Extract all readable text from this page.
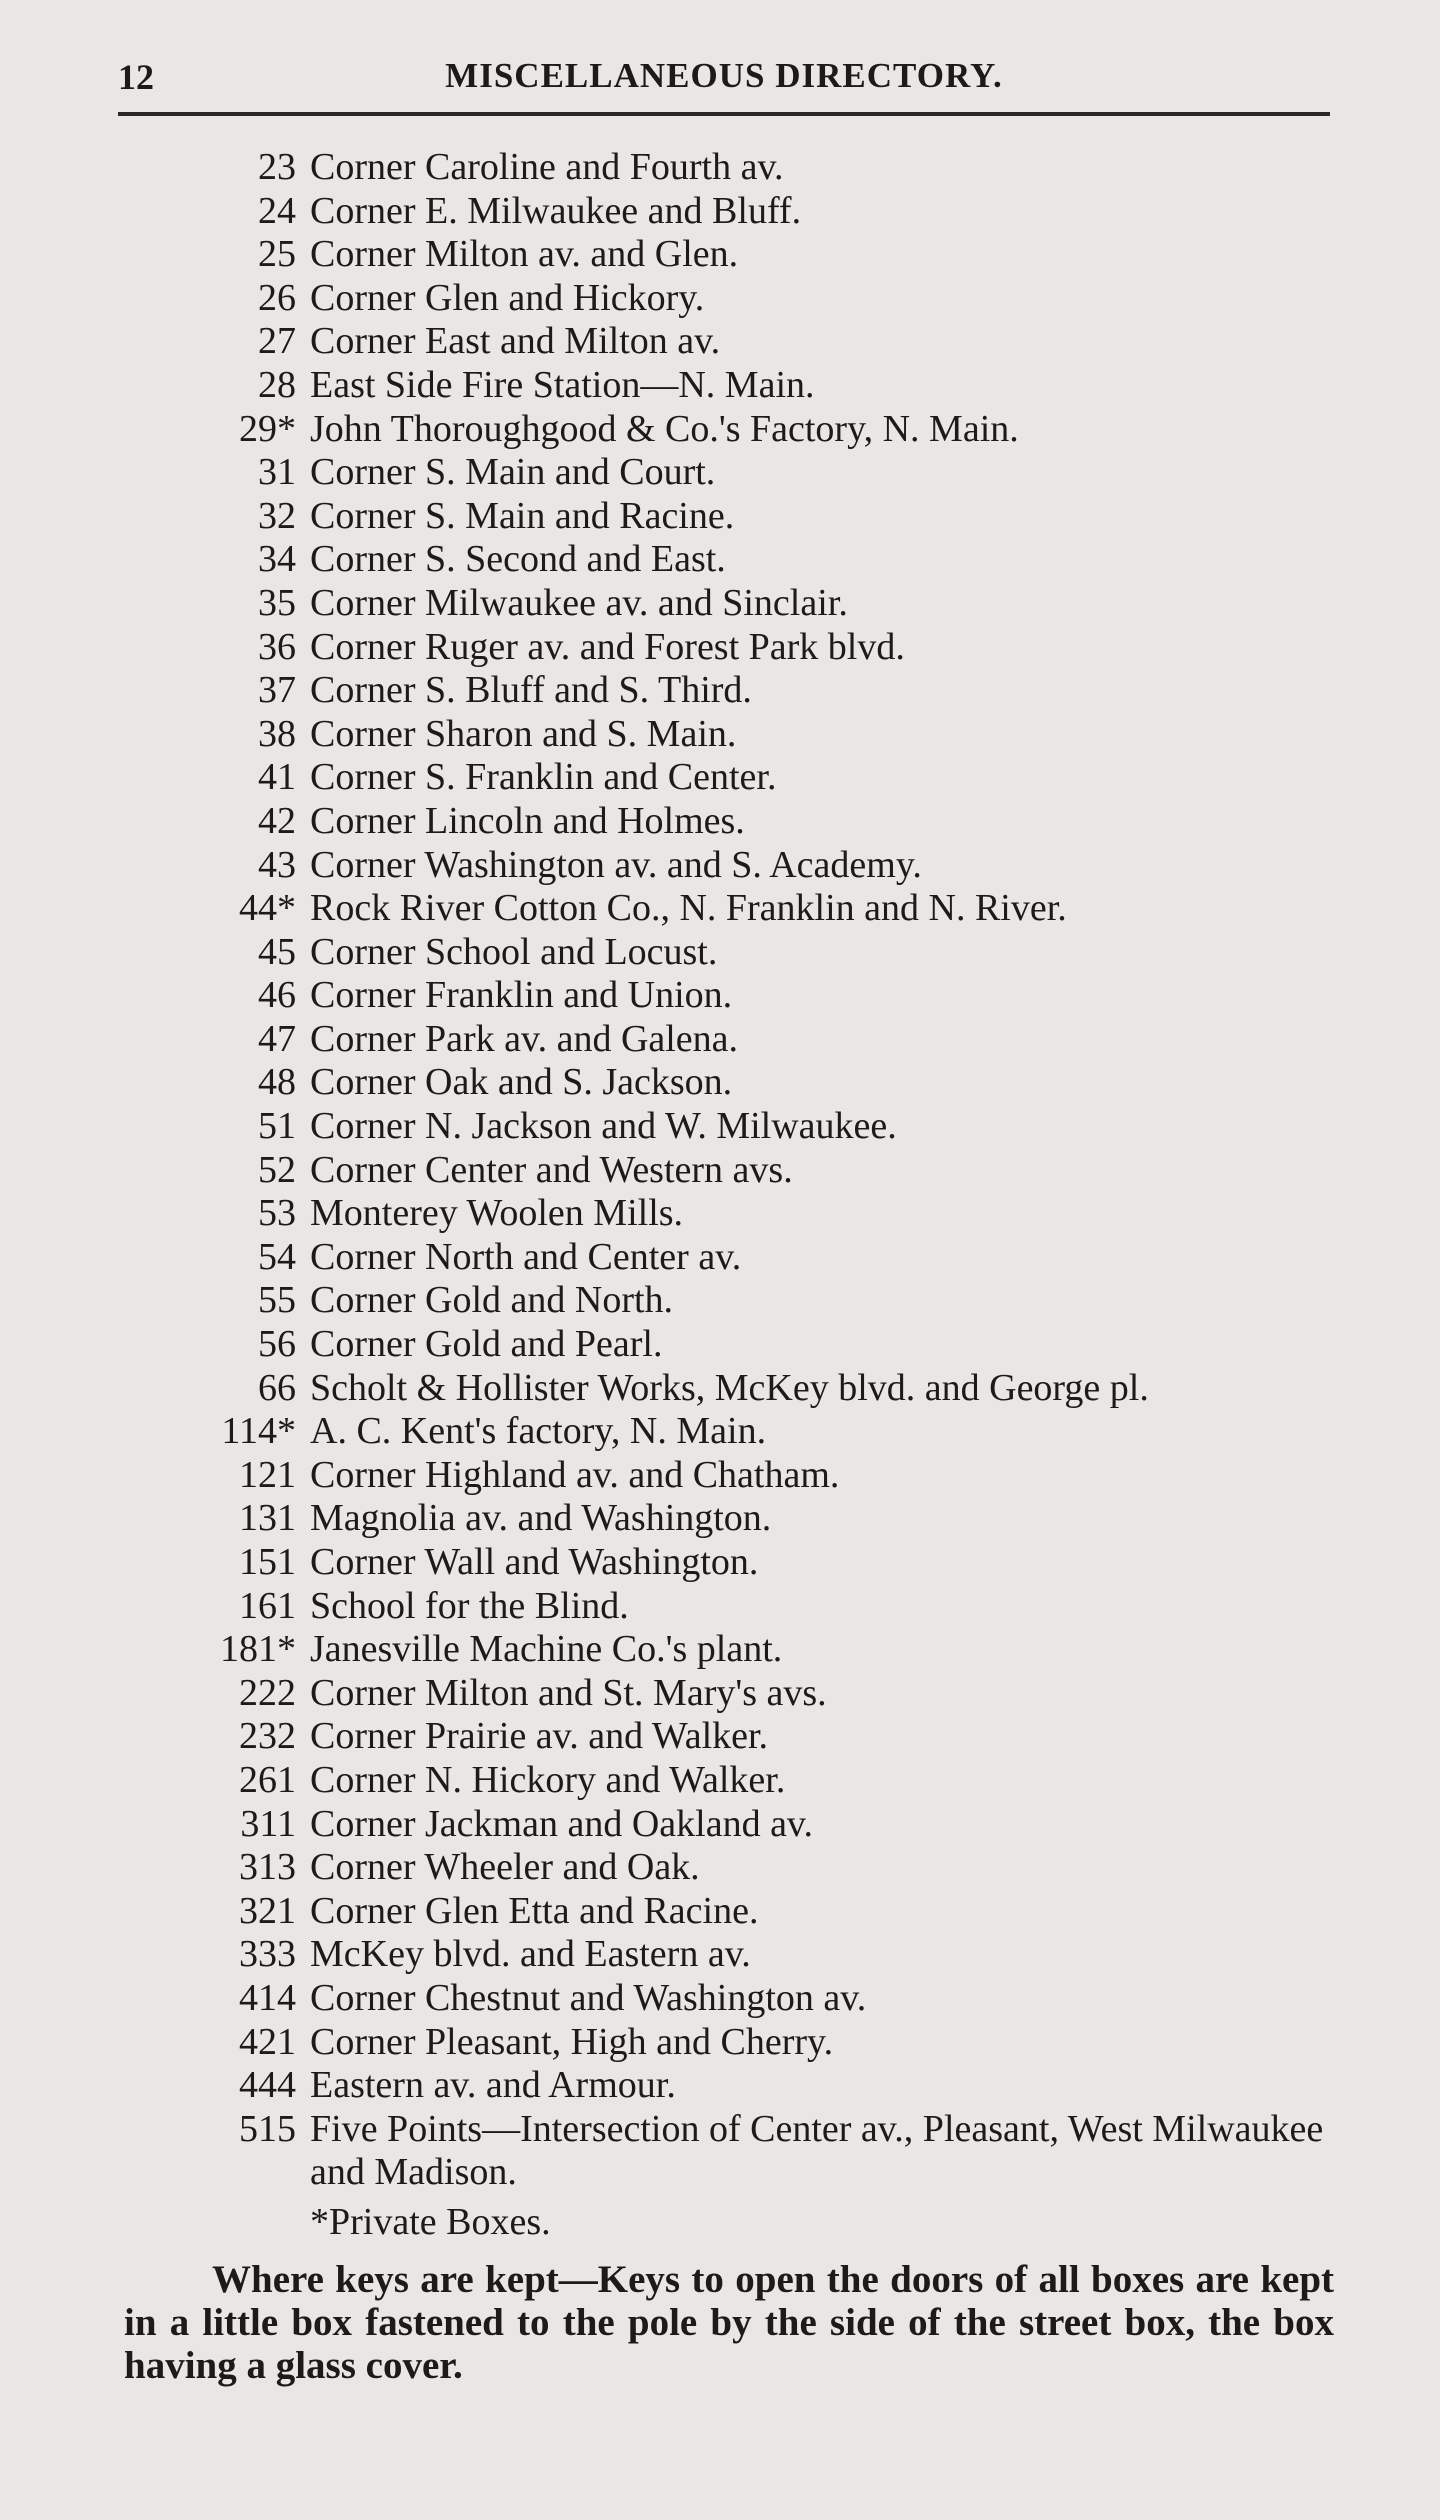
12	MISCELLANEOUS DIRECTORY.
23 Corner Caroline and Fourth av.
24 Corner E. Milwaukee and Bluff.
25 Corner Milton av. and Glen.
26 Corner Glen and Hickory.
27 Corner East and Milton av.
28 East Side Fire Station—N. Main.
29* John Thoroughgood & Co.'s Factory, N. Main.
31 Corner S. Main and Court.
32 Corner S. Main and Racine.
34 Corner S. Second and East.
35 Corner Milwaukee av. and Sinclair.
36 Corner Ruger av. and Forest Park blvd.
37 Corner S. Bluff and S. Third.
38 Corner Sharon and S. Main.
41 Corner S. Franklin and Center.
42 Corner Lincoln and Holmes.
43 Corner Washington av. and S. Academy.
44* Rock River Cotton Co., N. Franklin and N. River.
45 Corner School and Locust.
46 Corner Franklin and Union.
47 Corner Park av. and Galena.
48 Corner Oak and S. Jackson.
51 Corner N. Jackson and W. Milwaukee.
52 Corner Center and Western avs.
53 Monterey Woolen Mills.
54 Corner North and Center av.
55 Corner Gold and North.
56 Corner Gold and Pearl.
66 Scholt & Hollister Works, McKey blvd. and George pl.
114* A. C. Kent's factory, N. Main.
121 Corner Highland av. and Chatham.
131 Magnolia av. and Washington.
151 Corner Wall and Washington.
161 School for the Blind.
181* Janesville Machine Co.'s plant.
222 Corner Milton and St. Mary's avs.
232 Corner Prairie av. and Walker.
261 Corner N. Hickory and Walker.
311 Corner Jackman and Oakland av.
313 Corner Wheeler and Oak.
321 Corner Glen Etta and Racine.
333 McKey blvd. and Eastern av.
414 Corner Chestnut and Washington av.
421 Corner Pleasant, High and Cherry.
444 Eastern av. and Armour.
515 Five Points—Intersection of Center av., Pleasant, West Milwaukee and Madison.
*Private Boxes.
Where keys are kept—Keys to open the doors of all boxes are kept in a little box fastened to the pole by the side of the street box, the box having a glass cover.
